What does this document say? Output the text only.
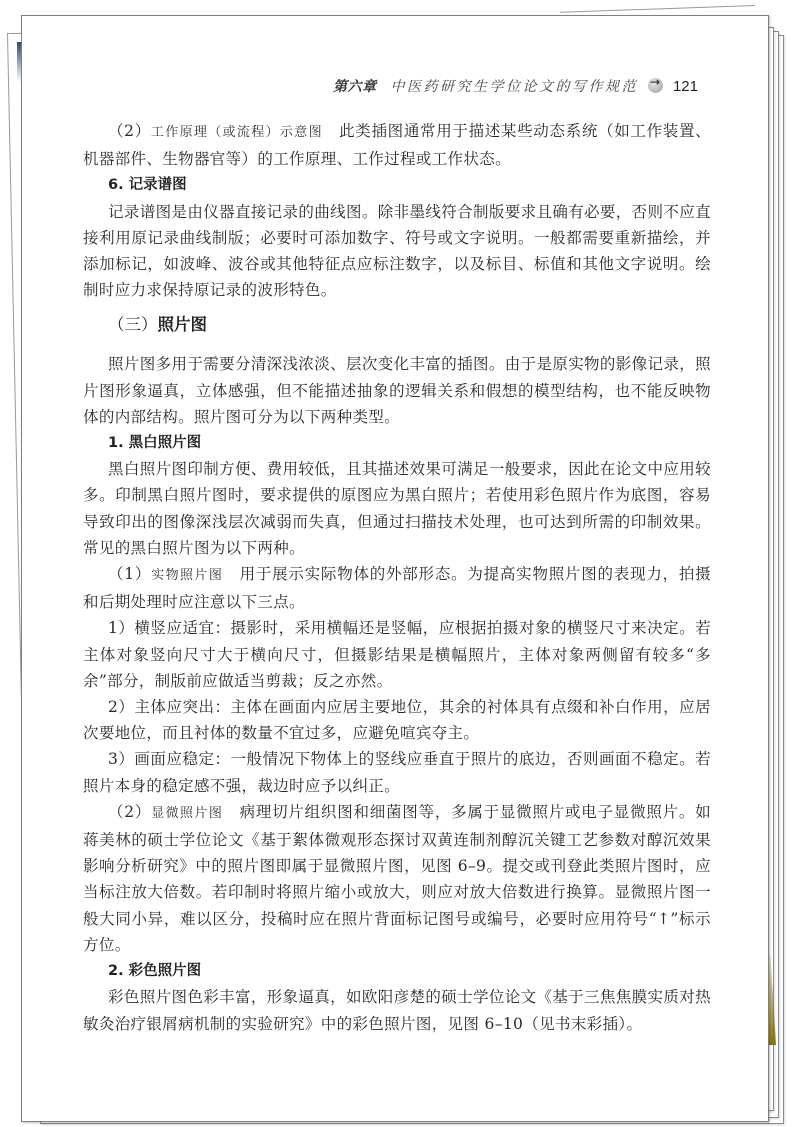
第六章 中医药研究生学位论文的写作规范 → 121

（2）工作原理（或流程）示意图　 此类插图通常用于描述某些动态系统（如工作装置、机器部件、生物器官等）的工作原理、工作过程或工作状态。

6. 记录谱图

记录谱图是由仪器直接记录的曲线图。除非墨线符合制版要求且确有必要，否则不应直接利用原记录曲线制版；必要时可添加数字、符号或文字说明。一般都需要重新描绘，并添加标记，如波峰、波谷或其他特征点应标注数字，以及标目、标值和其他文字说明。绘制时应力求保持原记录的波形特色。

（三）照片图

照片图多用于需要分清深浅浓淡、层次变化丰富的插图。由于是原实物的影像记录，照片图形象逼真，立体感强，但不能描述抽象的逻辑关系和假想的模型结构，也不能反映物体的内部结构。照片图可分为以下两种类型。

1. 黑白照片图

黑白照片图印制方便、费用较低，且其描述效果可满足一般要求，因此在论文中应用较多。印制黑白照片图时，要求提供的原图应为黑白照片；若使用彩色照片作为底图，容易导致印出的图像深浅层次减弱而失真，但通过扫描技术处理，也可达到所需的印制效果。常见的黑白照片图为以下两种。

（1）实物照片图　 用于展示实际物体的外部形态。为提高实物照片图的表现力，拍摄和后期处理时应注意以下三点。

1）横竖应适宜：摄影时，采用横幅还是竖幅，应根据拍摄对象的横竖尺寸来决定。若主体对象竖向尺寸大于横向尺寸，但摄影结果是横幅照片，主体对象两侧留有较多“多余”部分，制版前应做适当剪裁；反之亦然。

2）主体应突出：主体在画面内应居主要地位，其余的衬体具有点缀和补白作用，应居次要地位，而且衬体的数量不宜过多，应避免喧宾夺主。

3）画面应稳定：一般情况下物体上的竖线应垂直于照片的底边，否则画面不稳定。若照片本身的稳定感不强，裁边时应予以纠正。

（2）显微照片图　 病理切片组织图和细菌图等，多属于显微照片或电子显微照片。如蒋美林的硕士学位论文《基于絮体微观形态探讨双黄连制剂醇沉关键工艺参数对醇沉效果影响分析研究》中的照片图即属于显微照片图，见图 6–9。提交或刊登此类照片图时，应当标注放大倍数。若印制时将照片缩小或放大，则应对放大倍数进行换算。显微照片图一般大同小异，难以区分，投稿时应在照片背面标记图号或编号，必要时应用符号“↑”标示方位。

2. 彩色照片图

彩色照片图色彩丰富，形象逼真，如欧阳彦楚的硕士学位论文《基于三焦焦膜实质对热敏灸治疗银屑病机制的实验研究》中的彩色照片图，见图 6–10（见书末彩插）。
